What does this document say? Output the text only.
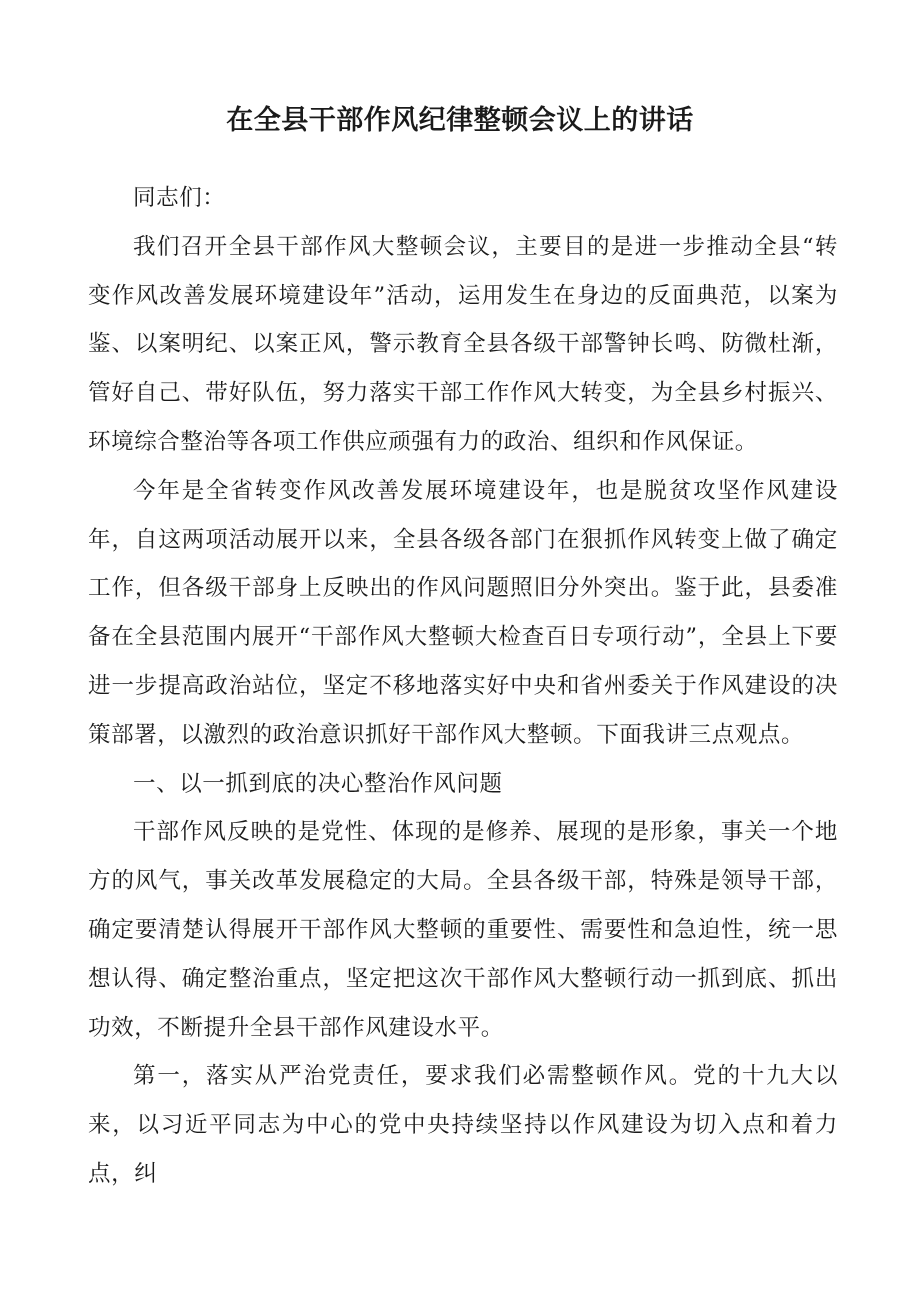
在全县干部作风纪律整顿会议上的讲话

同志们：

我们召开全县干部作风大整顿会议，主要目的是进一步推动全县“转变作风改善发展环境建设年”活动，运用发生在身边的反面典范，以案为鉴、以案明纪、以案正风，警示教育全县各级干部警钟长鸣、防微杜渐，管好自己、带好队伍，努力落实干部工作作风大转变，为全县乡村振兴、环境综合整治等各项工作供应顽强有力的政治、组织和作风保证。

今年是全省转变作风改善发展环境建设年，也是脱贫攻坚作风建设年，自这两项活动展开以来，全县各级各部门在狠抓作风转变上做了确定工作，但各级干部身上反映出的作风问题照旧分外突出。鉴于此，县委准备在全县范围内展开“干部作风大整顿大检查百日专项行动”，全县上下要进一步提高政治站位，坚定不移地落实好中央和省州委关于作风建设的决策部署，以激烈的政治意识抓好干部作风大整顿。下面我讲三点观点。

一、以一抓到底的决心整治作风问题

干部作风反映的是党性、体现的是修养、展现的是形象，事关一个地方的风气，事关改革发展稳定的大局。全县各级干部，特殊是领导干部，确定要清楚认得展开干部作风大整顿的重要性、需要性和急迫性，统一思想认得、确定整治重点，坚定把这次干部作风大整顿行动一抓到底、抓出功效，不断提升全县干部作风建设水平。

第一，落实从严治党责任，要求我们必需整顿作风。党的十九大以来，以习近平同志为中心的党中央持续坚持以作风建设为切入点和着力点，纠
